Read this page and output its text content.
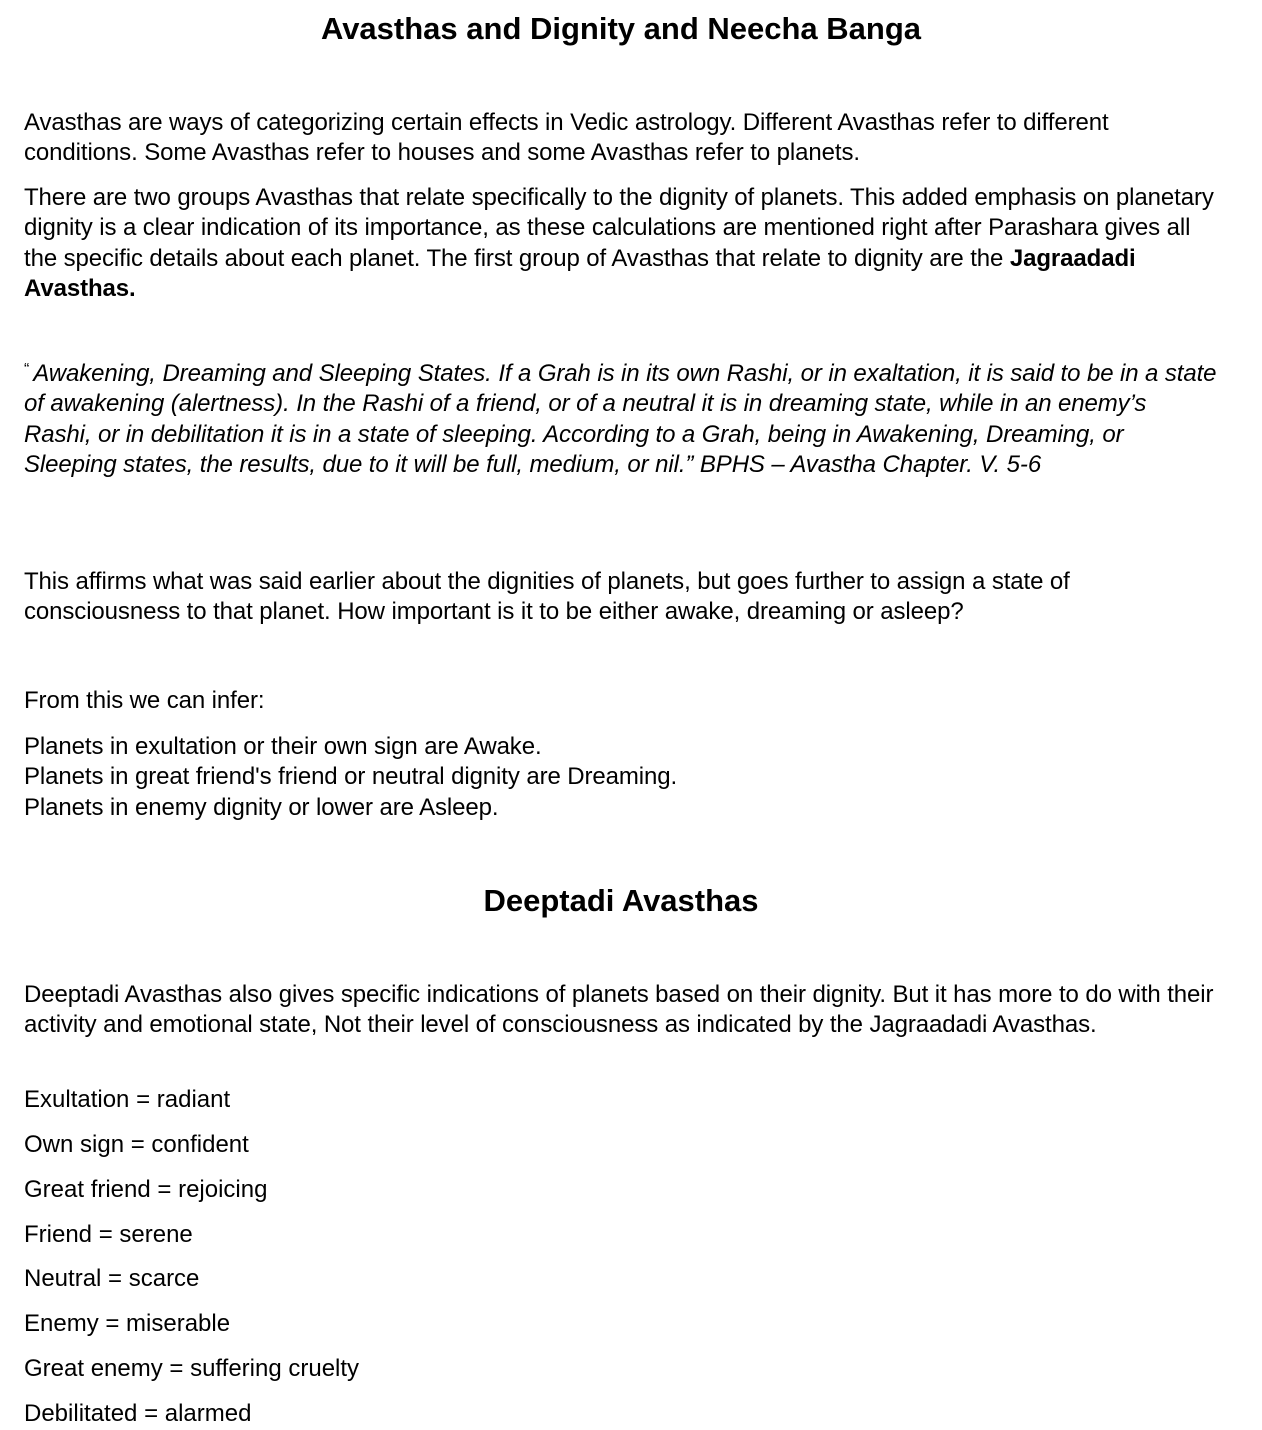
Avasthas and Dignity and Neecha Banga

Avasthas are ways of categorizing certain effects in Vedic astrology. Different Avasthas refer to different conditions. Some Avasthas refer to houses and some Avasthas refer to planets.

There are two groups Avasthas that relate specifically to the dignity of planets. This added emphasis on planetary dignity is a clear indication of its importance, as these calculations are mentioned right after Parashara gives all the specific details about each planet. The first group of Avasthas that relate to dignity are the Jagraadadi Avasthas.

“ Awakening, Dreaming and Sleeping States. If a Grah is in its own Rashi, or in exaltation, it is said to be in a state of awakening (alertness). In the Rashi of a friend, or of a neutral it is in dreaming state, while in an enemy’s Rashi, or in debilitation it is in a state of sleeping. According to a Grah, being in Awakening, Dreaming, or Sleeping states, the results, due to it will be full, medium, or nil.” BPHS – Avastha Chapter. V. 5-6

This affirms what was said earlier about the dignities of planets, but goes further to assign a state of consciousness to that planet. How important is it to be either awake, dreaming or asleep?

From this we can infer:

Planets in exultation or their own sign are Awake.
Planets in great friend's friend or neutral dignity are Dreaming.
Planets in enemy dignity or lower are Asleep.

Deeptadi Avasthas

Deeptadi Avasthas also gives specific indications of planets based on their dignity. But it has more to do with their activity and emotional state, Not their level of consciousness as indicated by the Jagraadadi Avasthas.

Exultation = radiant
Own sign = confident
Great friend = rejoicing
Friend = serene
Neutral = scarce
Enemy = miserable
Great enemy = suffering cruelty
Debilitated = alarmed
